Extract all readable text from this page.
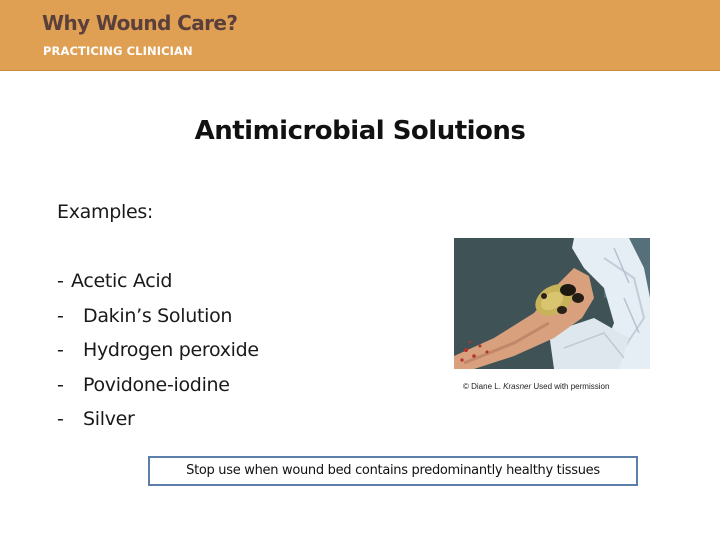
Why Wound Care?
PRACTICING CLINICIAN
Antimicrobial Solutions
Examples:
- Acetic Acid
- Dakin’s Solution
- Hydrogen peroxide
- Povidone-iodine
- Silver
© Diane L. Krasner Used with permission
Stop use when wound bed contains predominantly healthy tissues
